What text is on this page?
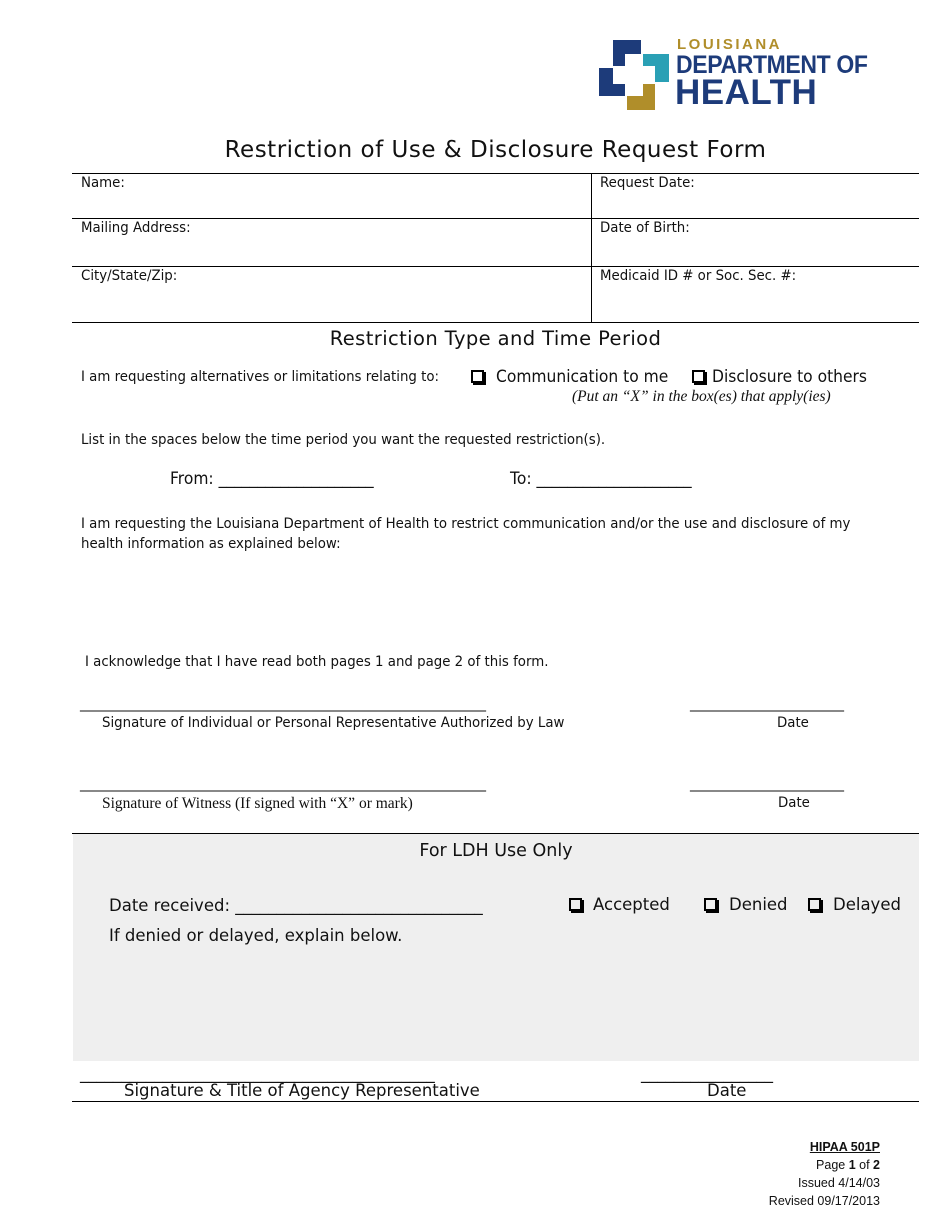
LOUISIANA
DEPARTMENT OF
HEALTH
Restriction of Use & Disclosure Request Form
Name:	Request Date:
Mailing Address:	Date of Birth:
City/State/Zip:	Medicaid ID # or Soc. Sec. #:
Restriction Type and Time Period
I am requesting alternatives or limitations relating to:	Communication to me	Disclosure to others
(Put an “X” in the box(es) that apply(ies)
List in the spaces below the time period you want the requested restriction(s).
From: ____________________	To: ____________________
I am requesting the Louisiana Department of Health to restrict communication and/or the use and disclosure of my
health information as explained below:
I acknowledge that I have read both pages 1 and page 2 of this form.
__________________________________________________________	______________________
Signature of Individual or Personal Representative Authorized by Law	Date
__________________________________________________________	______________________
Signature of Witness (If signed with “X” or mark)	Date
For LDH Use Only
Date received: ______________________________	Accepted	Denied	Delayed
If denied or delayed, explain below.
___________________________________________	________________
Signature & Title of Agency Representative	Date
HIPAA 501P
Page 1 of 2
Issued 4/14/03
Revised 09/17/2013
